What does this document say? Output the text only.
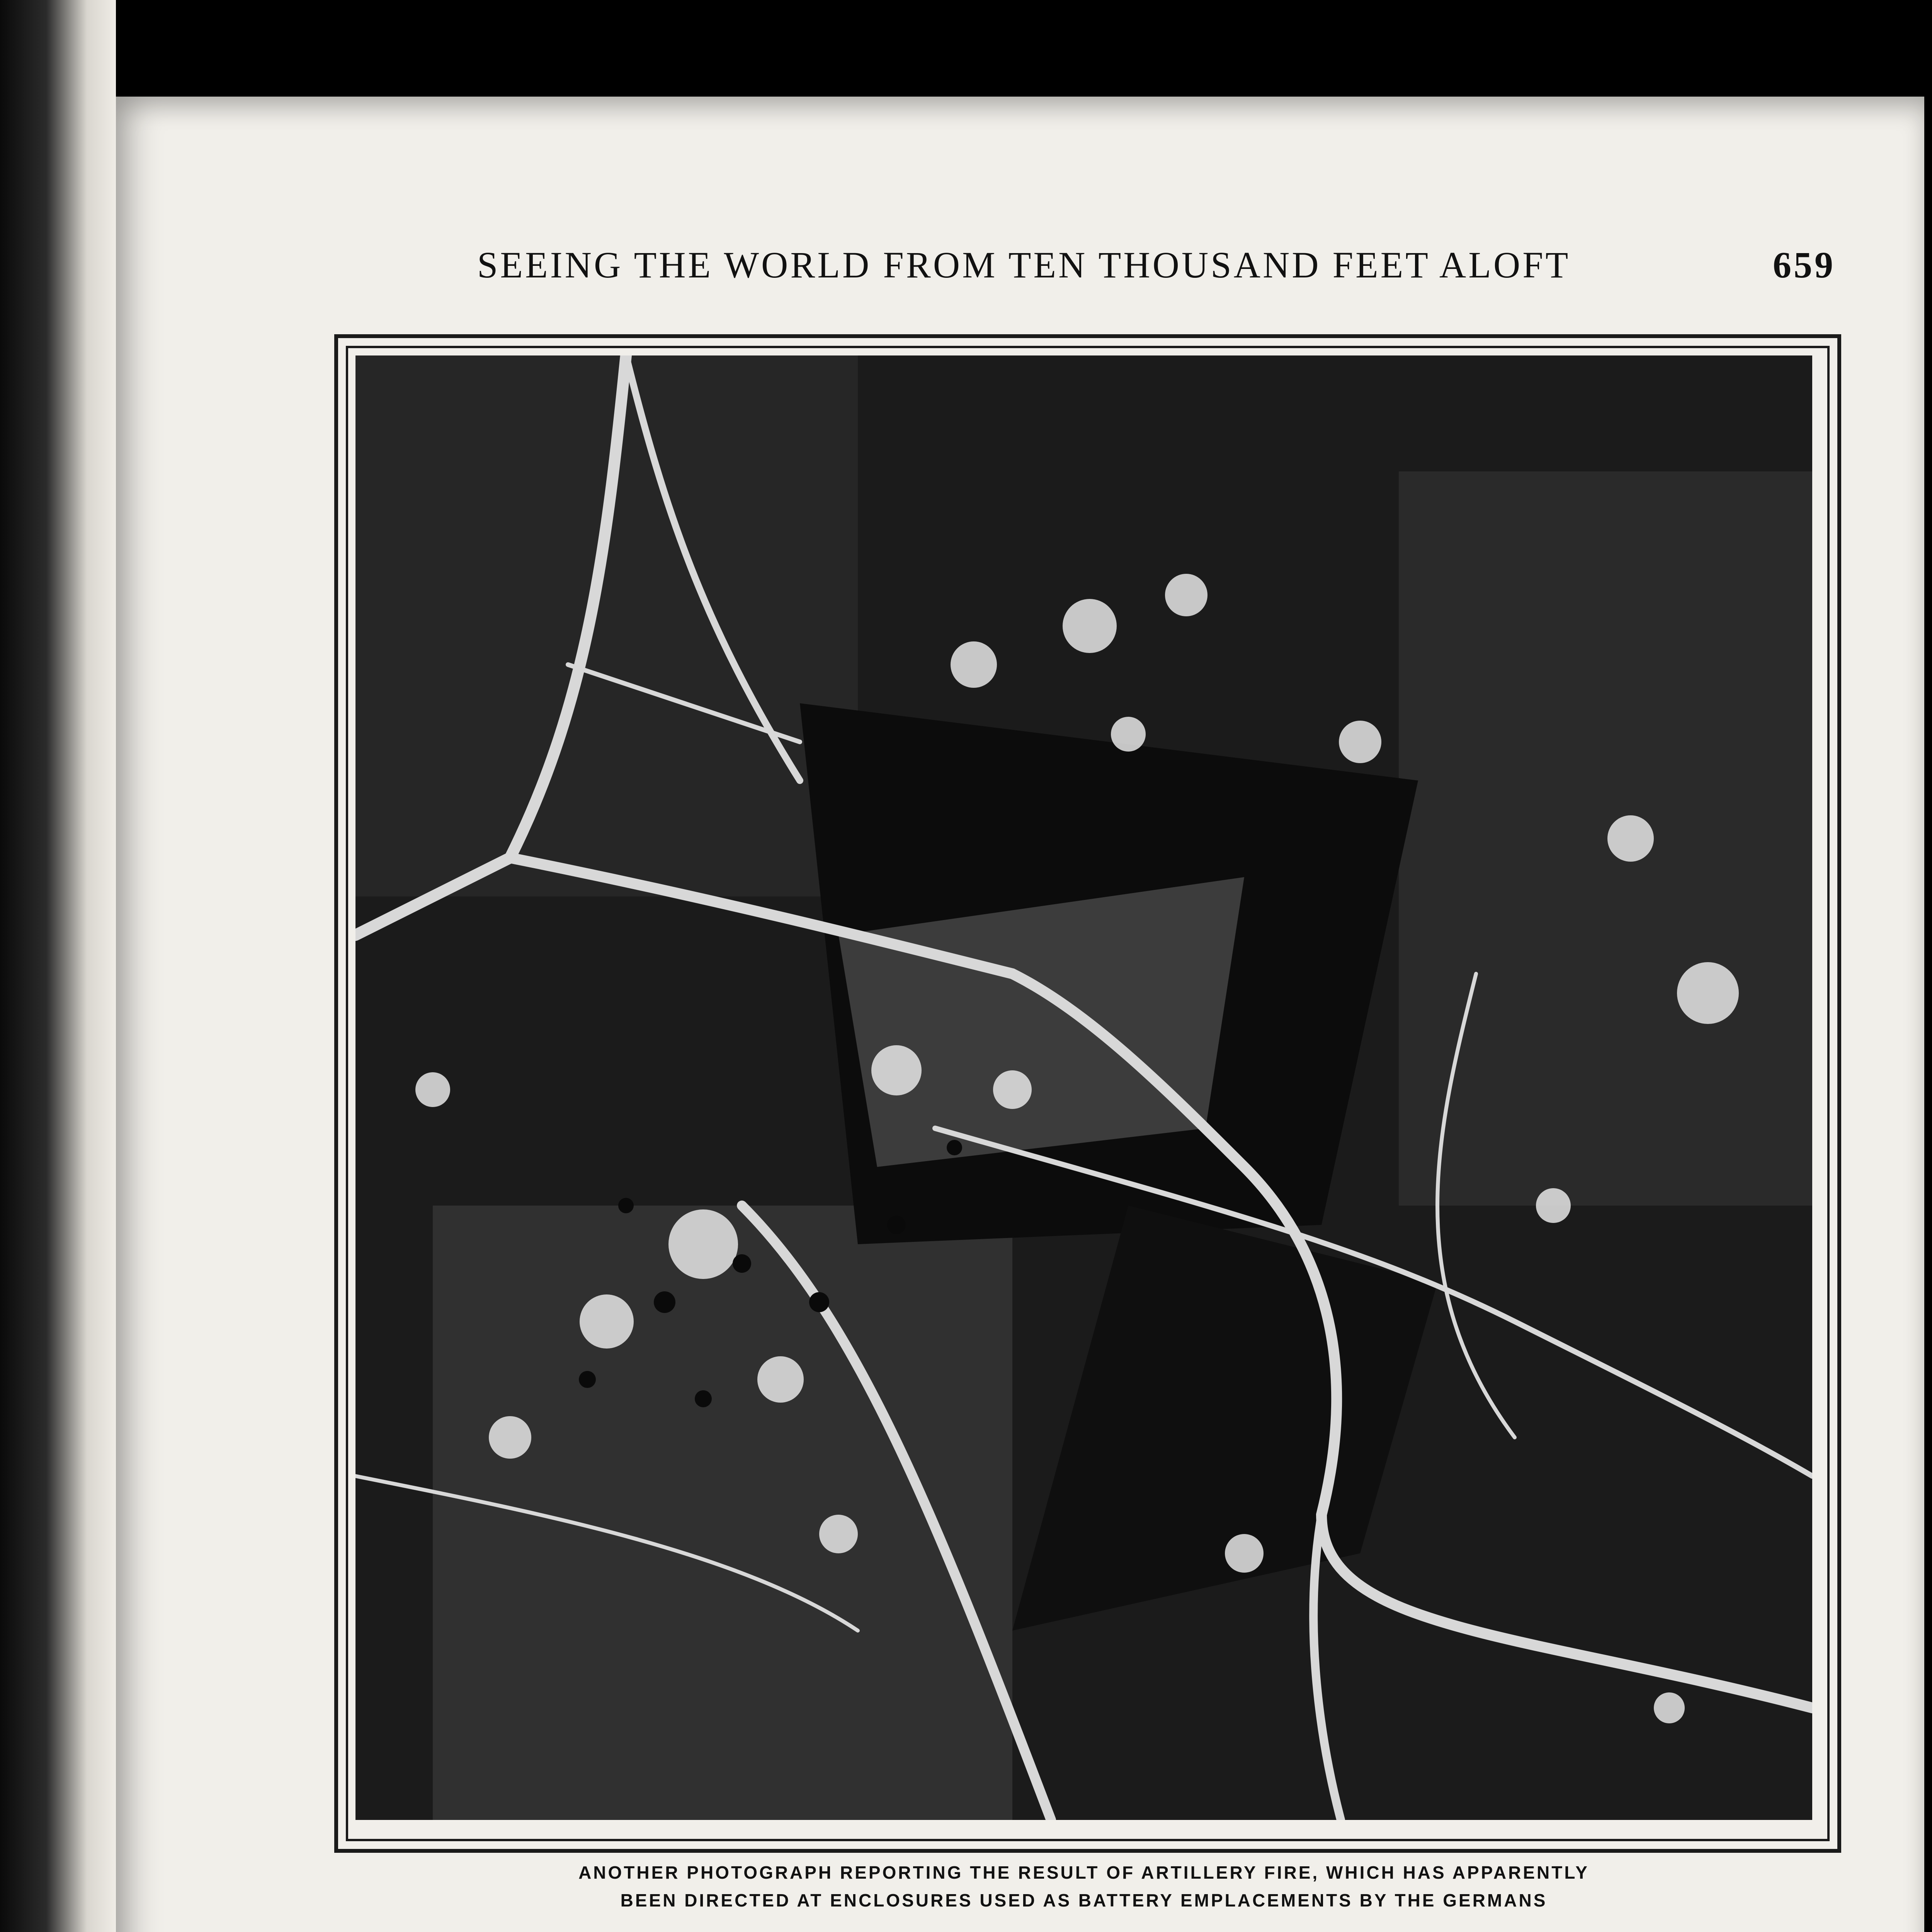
SEEING THE WORLD FROM TEN THOUSAND FEET ALOFT	659
ANOTHER PHOTOGRAPH REPORTING THE RESULT OF ARTILLERY FIRE, WHICH HAS APPARENTLY
BEEN DIRECTED AT ENCLOSURES USED AS BATTERY EMPLACEMENTS BY THE GERMANS
